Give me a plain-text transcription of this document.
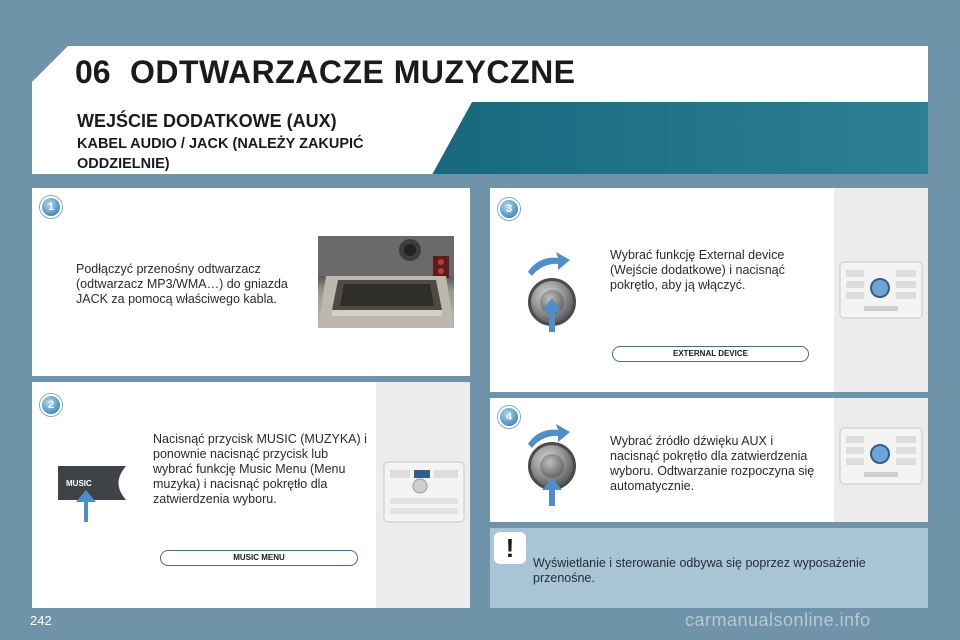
06 ODTWARZACZE MUZYCZNE
WEJŚCIE DODATKOWE (AUX)
KABEL AUDIO / JACK (NALEŻY ZAKUPIĆ ODDZIELNIE)
1
Podłączyć przenośny odtwarzacz (odtwarzacz MP3/WMA…) do gniazda JACK za pomocą właściwego kabla.
2
Nacisnąć przycisk MUSIC (MUZYKA) i ponownie nacisnąć przycisk lub wybrać funkcję Music Menu (Menu muzyka) i nacisnąć pokrętło dla zatwierdzenia wyboru.
MUSIC
MUSIC MENU
3
Wybrać funkcję External device (Wejście dodatkowe) i nacisnąć pokrętło, aby ją włączyć.
EXTERNAL DEVICE
4
Wybrać źródło dźwięku AUX i nacisnąć pokrętło dla zatwierdzenia wyboru. Odtwarzanie rozpoczyna się automatycznie.
!	Wyświetlanie i sterowanie odbywa się poprzez wyposażenie przenośne.
242	carmanualsonline.info
